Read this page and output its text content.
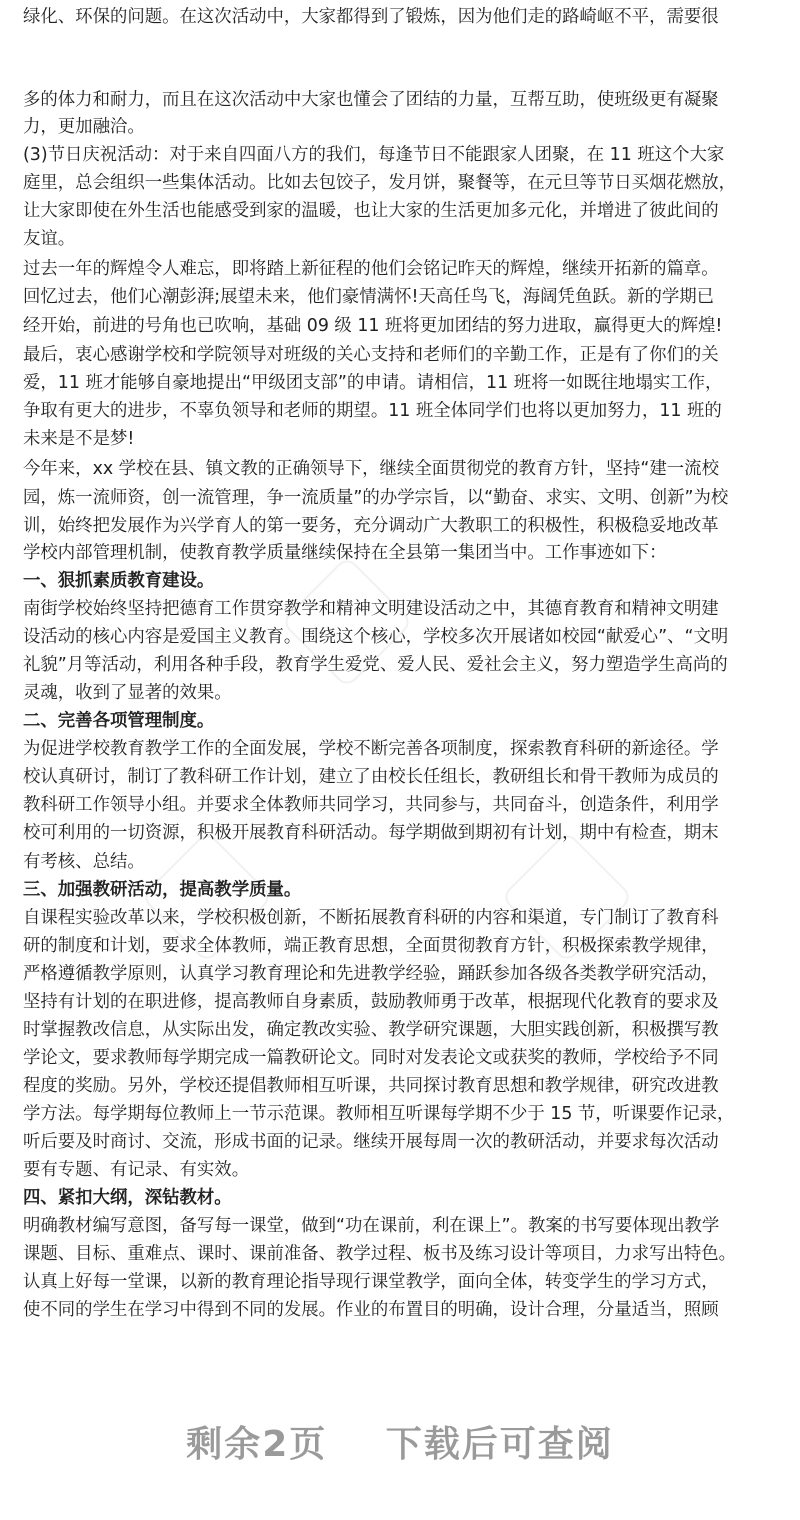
绿化、环保的问题。在这次活动中，大家都得到了锻炼，因为他们走的路崎岖不平，需要很
多的体力和耐力，而且在这次活动中大家也懂会了团结的力量，互帮互助，使班级更有凝聚
力，更加融洽。
(3)节日庆祝活动：对于来自四面八方的我们，每逢节日不能跟家人团聚，在 11 班这个大家
庭里，总会组织一些集体活动。比如去包饺子，发月饼，聚餐等，在元旦等节日买烟花燃放，
让大家即使在外生活也能感受到家的温暖，也让大家的生活更加多元化，并增进了彼此间的
友谊。
过去一年的辉煌令人难忘，即将踏上新征程的他们会铭记昨天的辉煌，继续开拓新的篇章。
回忆过去，他们心潮彭湃;展望未来，他们豪情满怀!天高任鸟飞，海阔凭鱼跃。新的学期已
经开始，前进的号角也已吹响，基础 09 级 11 班将更加团结的努力进取，赢得更大的辉煌!
最后，衷心感谢学校和学院领导对班级的关心支持和老师们的辛勤工作，正是有了你们的关
爱，11 班才能够自豪地提出“甲级团支部”的申请。请相信，11 班将一如既往地塌实工作，
争取有更大的进步，不辜负领导和老师的期望。11 班全体同学们也将以更加努力，11 班的
未来是不是梦!
今年来，xx 学校在县、镇文教的正确领导下，继续全面贯彻党的教育方针，坚持“建一流校
园，炼一流师资，创一流管理，争一流质量”的办学宗旨，以“勤奋、求实、文明、创新”为校
训，始终把发展作为兴学育人的第一要务，充分调动广大教职工的积极性，积极稳妥地改革
学校内部管理机制，使教育教学质量继续保持在全县第一集团当中。工作事迹如下：
一、狠抓素质教育建设。
南街学校始终坚持把德育工作贯穿教学和精神文明建设活动之中，其德育教育和精神文明建
设活动的核心内容是爱国主义教育。围绕这个核心，学校多次开展诸如校园“献爱心”、“文明
礼貌”月等活动，利用各种手段，教育学生爱党、爱人民、爱社会主义，努力塑造学生高尚的
灵魂，收到了显著的效果。
二、完善各项管理制度。
为促进学校教育教学工作的全面发展，学校不断完善各项制度，探索教育科研的新途径。学
校认真研讨，制订了教科研工作计划，建立了由校长任组长，教研组长和骨干教师为成员的
教科研工作领导小组。并要求全体教师共同学习，共同参与，共同奋斗，创造条件，利用学
校可利用的一切资源，积极开展教育科研活动。每学期做到期初有计划，期中有检查，期末
有考核、总结。
三、加强教研活动，提高教学质量。
自课程实验改革以来，学校积极创新，不断拓展教育科研的内容和渠道，专门制订了教育科
研的制度和计划，要求全体教师，端正教育思想，全面贯彻教育方针，积极探索教学规律，
严格遵循教学原则，认真学习教育理论和先进教学经验，踊跃参加各级各类教学研究活动，
坚持有计划的在职进修，提高教师自身素质，鼓励教师勇于改革，根据现代化教育的要求及
时掌握教改信息，从实际出发，确定教改实验、教学研究课题，大胆实践创新，积极撰写教
学论文，要求教师每学期完成一篇教研论文。同时对发表论文或获奖的教师，学校给予不同
程度的奖励。另外，学校还提倡教师相互听课，共同探讨教育思想和教学规律，研究改进教
学方法。每学期每位教师上一节示范课。教师相互听课每学期不少于 15 节，听课要作记录，
听后要及时商讨、交流，形成书面的记录。继续开展每周一次的教研活动，并要求每次活动
要有专题、有记录、有实效。
四、紧扣大纲，深钻教材。
明确教材编写意图，备写每一课堂，做到“功在课前，利在课上”。教案的书写要体现出教学
课题、目标、重难点、课时、课前准备、教学过程、板书及练习设计等项目，力求写出特色。
认真上好每一堂课，以新的教育理论指导现行课堂教学，面向全体，转变学生的学习方式，
使不同的学生在学习中得到不同的发展。作业的布置目的明确，设计合理，分量适当，照顾
剩余2页 下载后可查阅
